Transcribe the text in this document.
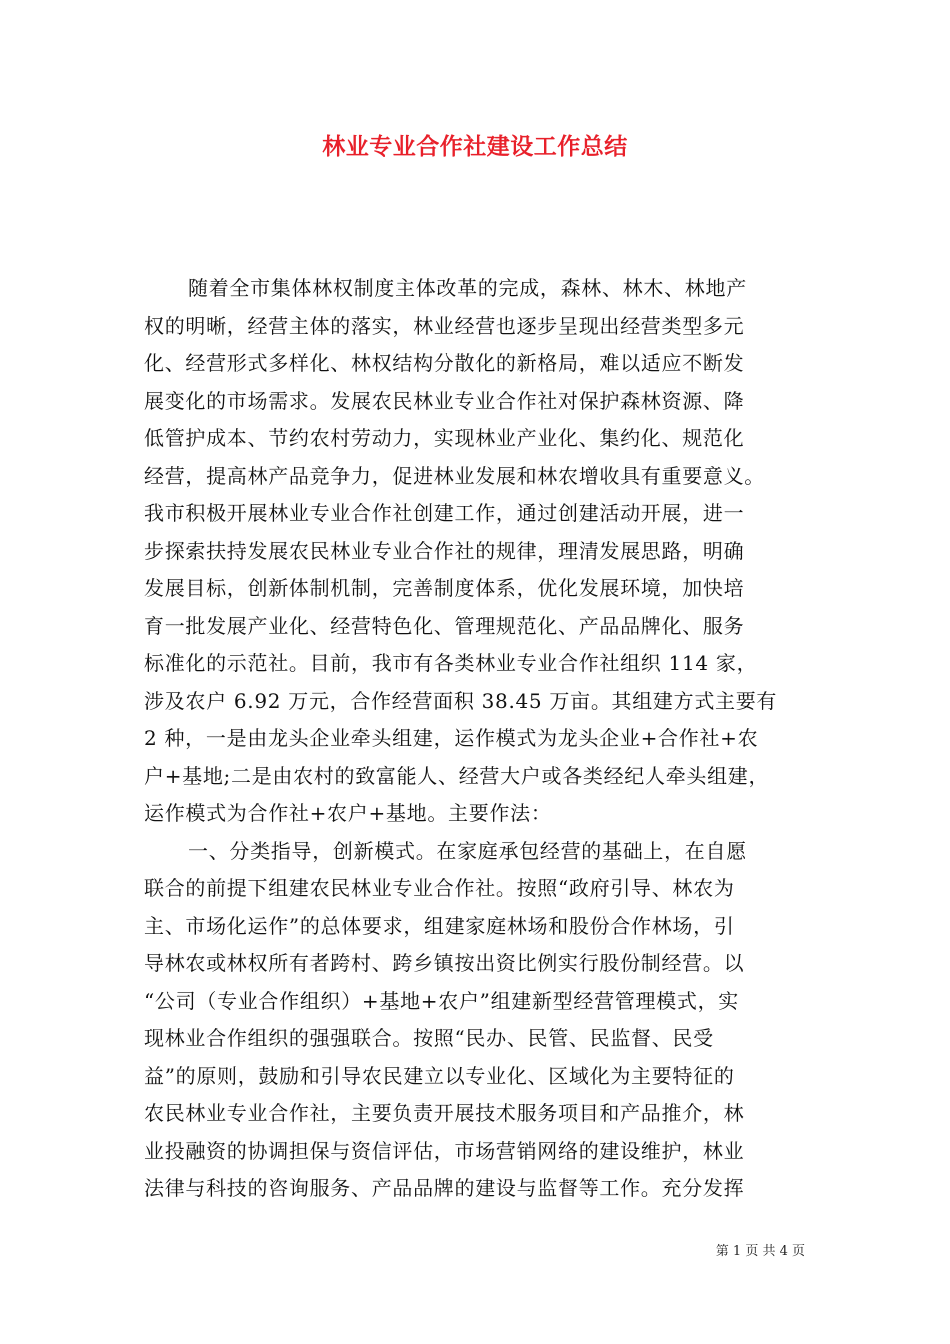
林业专业合作社建设工作总结
随着全市集体林权制度主体改革的完成，森林、林木、林地产
权的明晰，经营主体的落实，林业经营也逐步呈现出经营类型多元
化、经营形式多样化、林权结构分散化的新格局，难以适应不断发
展变化的市场需求。发展农民林业专业合作社对保护森林资源、降
低管护成本、节约农村劳动力，实现林业产业化、集约化、规范化
经营，提高林产品竞争力，促进林业发展和林农增收具有重要意义。
我市积极开展林业专业合作社创建工作，通过创建活动开展，进一
步探索扶持发展农民林业专业合作社的规律，理清发展思路，明确
发展目标，创新体制机制，完善制度体系，优化发展环境，加快培
育一批发展产业化、经营特色化、管理规范化、产品品牌化、服务
标准化的示范社。目前，我市有各类林业专业合作社组织 114 家，
涉及农户 6.92 万元，合作经营面积 38.45 万亩。其组建方式主要有
2 种，一是由龙头企业牵头组建，运作模式为龙头企业+合作社+农
户+基地;二是由农村的致富能人、经营大户或各类经纪人牵头组建，
运作模式为合作社+农户+基地。主要作法：
一、分类指导，创新模式。在家庭承包经营的基础上，在自愿
联合的前提下组建农民林业专业合作社。按照“政府引导、林农为
主、市场化运作”的总体要求，组建家庭林场和股份合作林场，引
导林农或林权所有者跨村、跨乡镇按出资比例实行股份制经营。以
“公司（专业合作组织）+基地+农户”组建新型经营管理模式，实
现林业合作组织的强强联合。按照“民办、民管、民监督、民受
益”的原则，鼓励和引导农民建立以专业化、区域化为主要特征的
农民林业专业合作社，主要负责开展技术服务项目和产品推介，林
业投融资的协调担保与资信评估，市场营销网络的建设维护，林业
法律与科技的咨询服务、产品品牌的建设与监督等工作。充分发挥
第 1 页 共 4 页
